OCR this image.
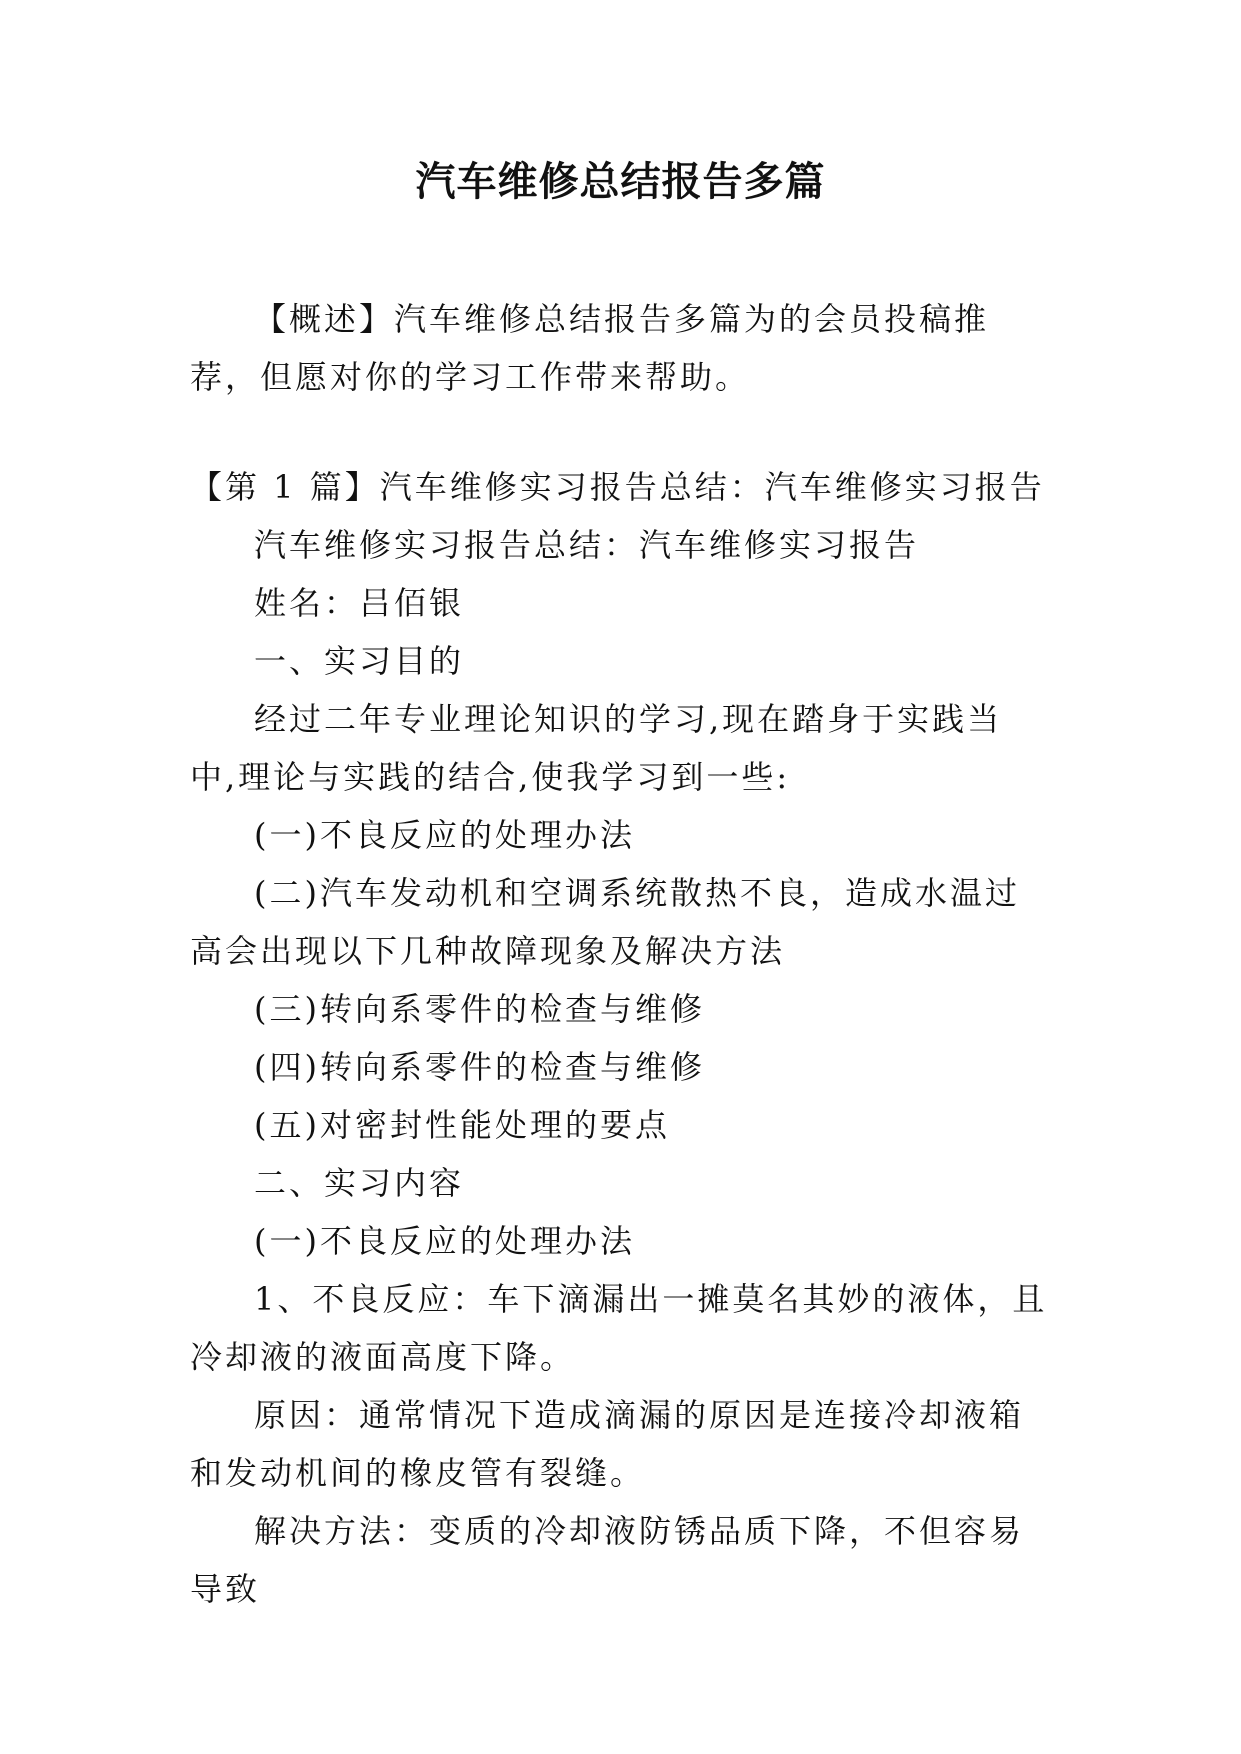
汽车维修总结报告多篇

【概述】汽车维修总结报告多篇为的会员投稿推荐，但愿对你的学习工作带来帮助。

【第 1 篇】汽车维修实习报告总结：汽车维修实习报告

汽车维修实习报告总结：汽车维修实习报告

姓名：吕佰银

一、实习目的

经过二年专业理论知识的学习,现在踏身于实践当中,理论与实践的结合,使我学习到一些:

(一)不良反应的处理办法

(二)汽车发动机和空调系统散热不良，造成水温过高会出现以下几种故障现象及解决方法

(三)转向系零件的检查与维修

(四)转向系零件的检查与维修

(五)对密封性能处理的要点

二、实习内容

(一)不良反应的处理办法

1、不良反应：车下滴漏出一摊莫名其妙的液体，且冷却液的液面高度下降。

原因：通常情况下造成滴漏的原因是连接冷却液箱和发动机间的橡皮管有裂缝。

解决方法：变质的冷却液防锈品质下降，不但容易导致
